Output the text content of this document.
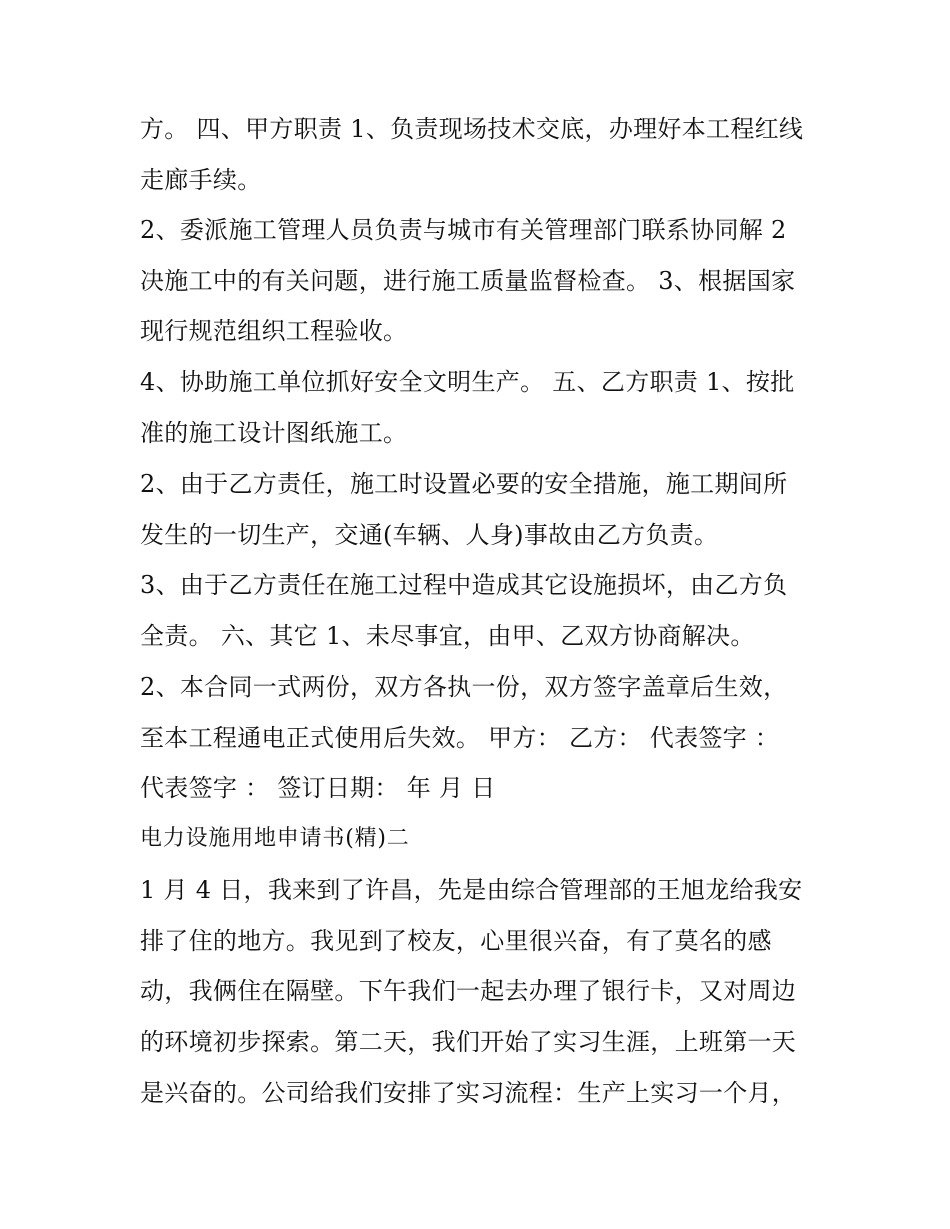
方。 四、甲方职责 1、负责现场技术交底，办理好本工程红线
走廊手续。
2、委派施工管理人员负责与城市有关管理部门联系协同解 2
决施工中的有关问题，进行施工质量监督检查。 3、根据国家
现行规范组织工程验收。
4、协助施工单位抓好安全文明生产。 五、乙方职责 1、按批
准的施工设计图纸施工。
2、由于乙方责任，施工时设置必要的安全措施，施工期间所
发生的一切生产，交通(车辆、人身)事故由乙方负责。
3、由于乙方责任在施工过程中造成其它设施损坏，由乙方负
全责。 六、其它 1、未尽事宜，由甲、乙双方协商解决。
2、本合同一式两份，双方各执一份，双方签字盖章后生效，
至本工程通电正式使用后失效。 甲方： 乙方： 代表签字 ：
代表签字 ： 签订日期： 年 月 日
电力设施用地申请书(精)二
1 月 4 日，我来到了许昌，先是由综合管理部的王旭龙给我安
排了住的地方。我见到了校友，心里很兴奋，有了莫名的感
动，我俩住在隔壁。下午我们一起去办理了银行卡，又对周边
的环境初步探索。第二天，我们开始了实习生涯，上班第一天
是兴奋的。公司给我们安排了实习流程：生产上实习一个月，
